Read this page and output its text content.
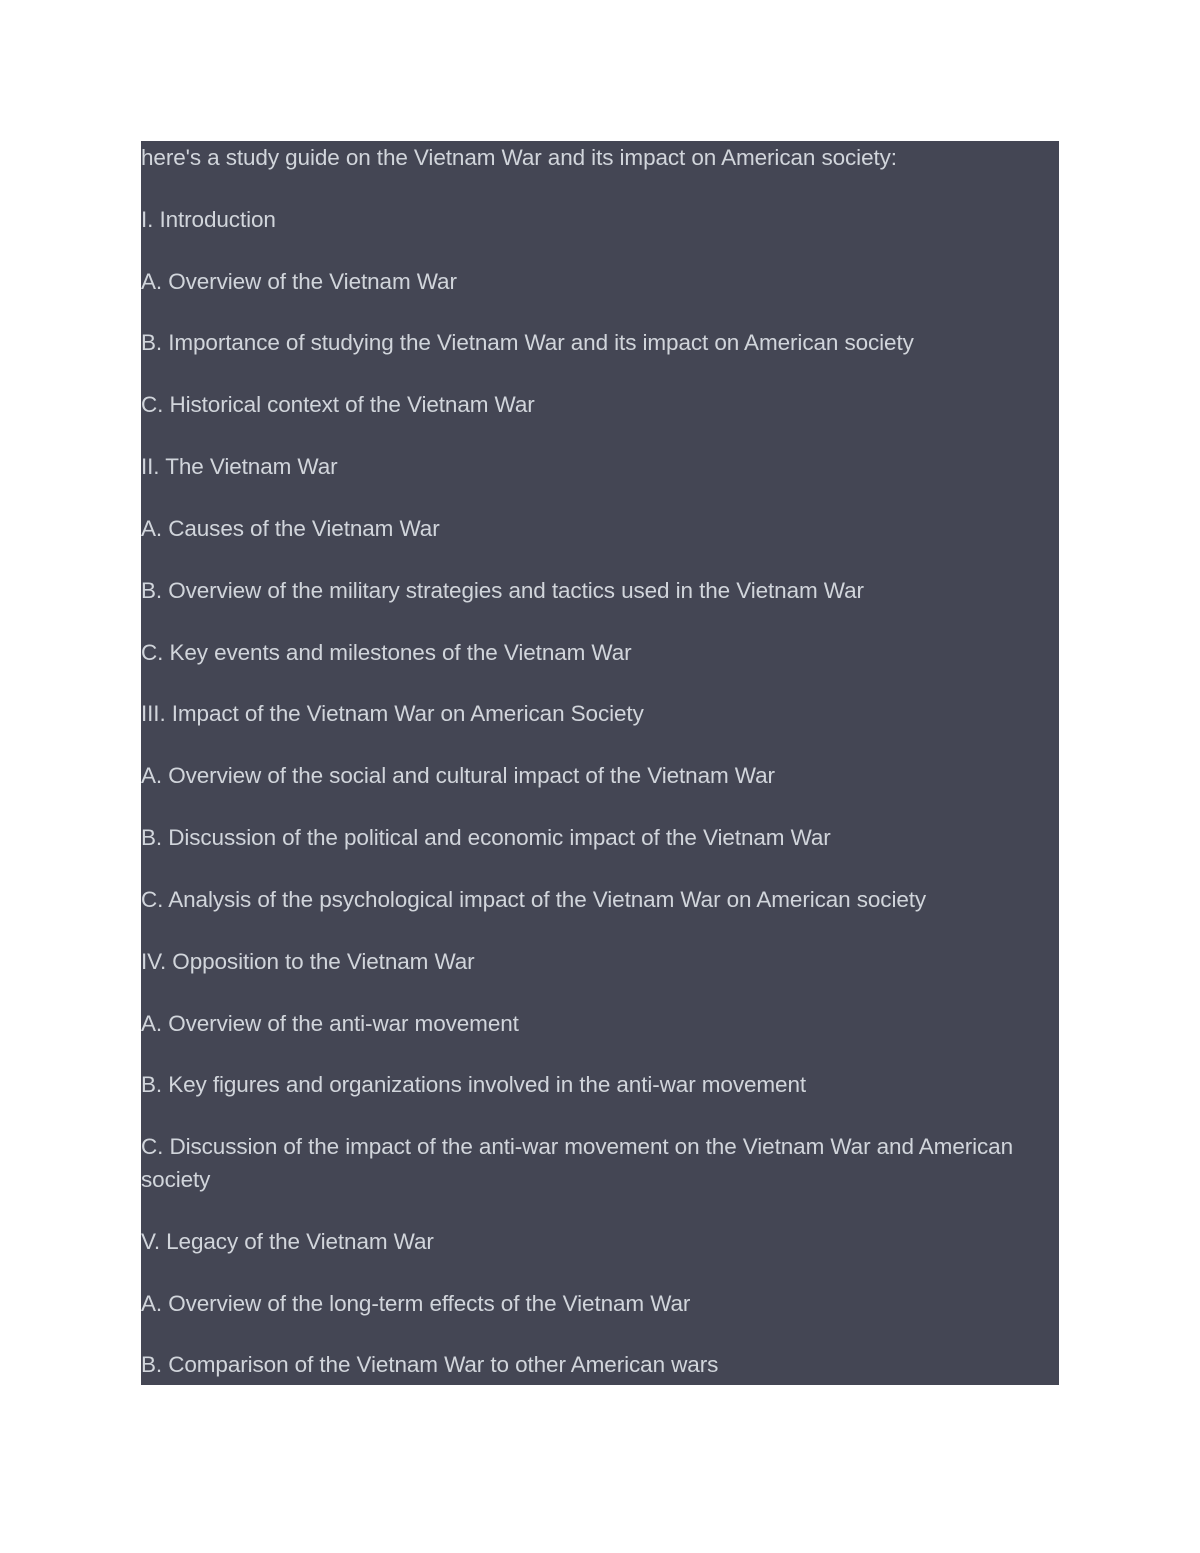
here's a study guide on the Vietnam War and its impact on American society:
I. Introduction
A. Overview of the Vietnam War
B. Importance of studying the Vietnam War and its impact on American society
C. Historical context of the Vietnam War
II. The Vietnam War
A. Causes of the Vietnam War
B. Overview of the military strategies and tactics used in the Vietnam War
C. Key events and milestones of the Vietnam War
III. Impact of the Vietnam War on American Society
A. Overview of the social and cultural impact of the Vietnam War
B. Discussion of the political and economic impact of the Vietnam War
C. Analysis of the psychological impact of the Vietnam War on American society
IV. Opposition to the Vietnam War
A. Overview of the anti-war movement
B. Key figures and organizations involved in the anti-war movement
C. Discussion of the impact of the anti-war movement on the Vietnam War and American society
V. Legacy of the Vietnam War
A. Overview of the long-term effects of the Vietnam War
B. Comparison of the Vietnam War to other American wars
